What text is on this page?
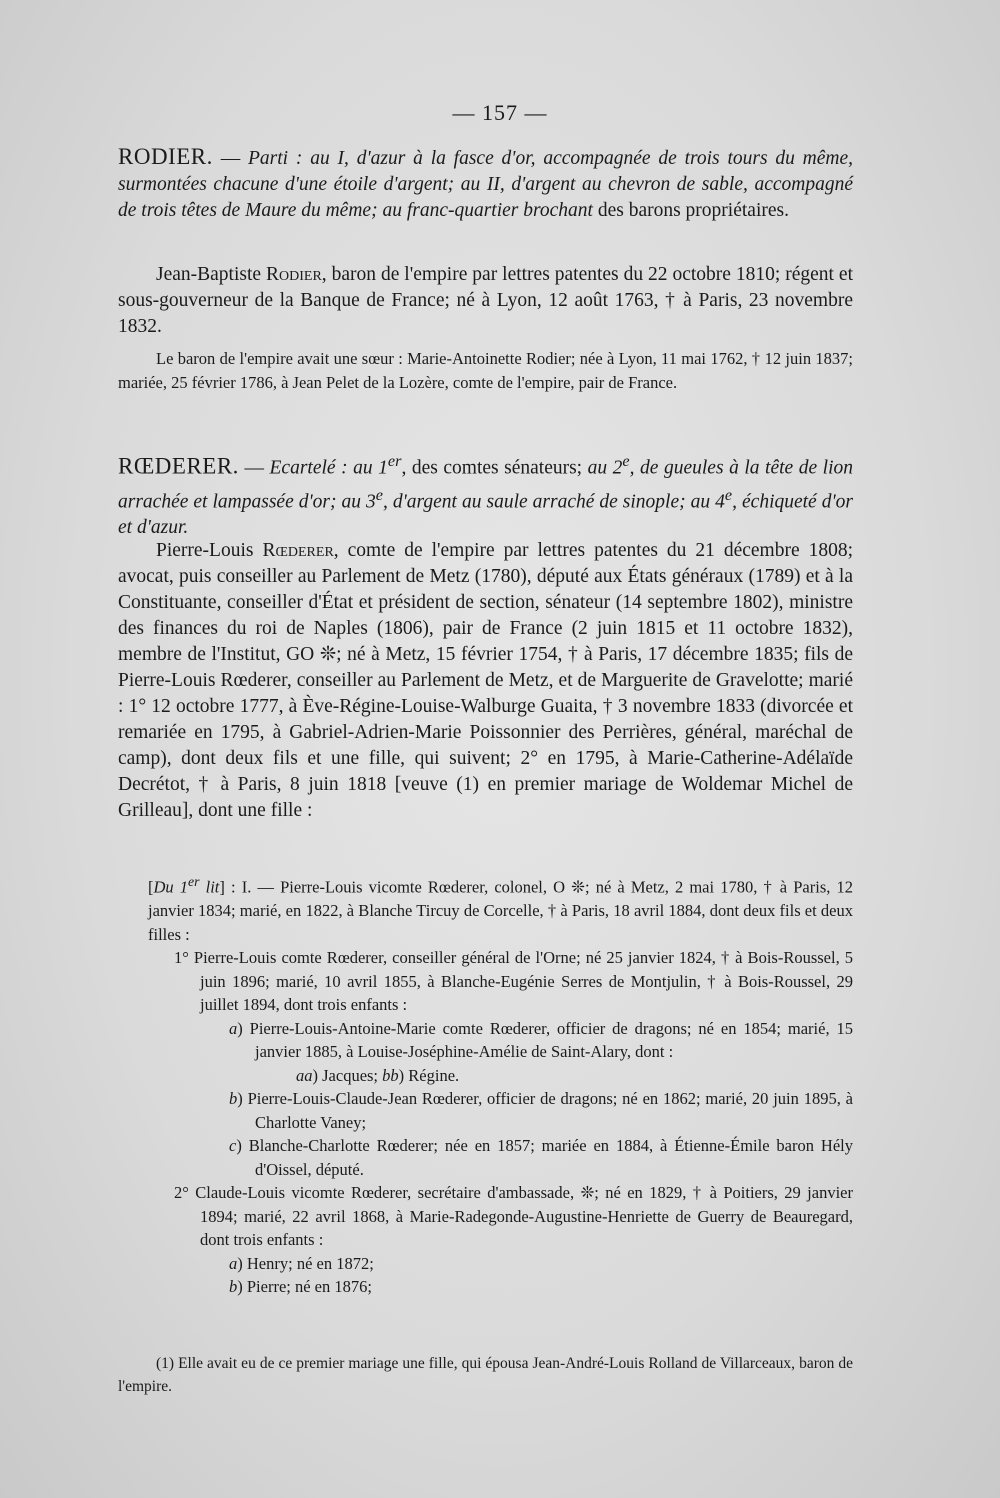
— 157 —

RODIER. — Parti : au I, d'azur à la fasce d'or, accompagnée de trois tours du même, surmontées chacune d'une étoile d'argent; au II, d'argent au chevron de sable, accompagné de trois têtes de Maure du même; au franc-quartier brochant des barons propriétaires.

Jean-Baptiste Rodier, baron de l'empire par lettres patentes du 22 octobre 1810; régent et sous-gouverneur de la Banque de France; né à Lyon, 12 août 1763, † à Paris, 23 novembre 1832.

Le baron de l'empire avait une sœur : Marie-Antoinette Rodier; née à Lyon, 11 mai 1762, † 12 juin 1837; mariée, 25 février 1786, à Jean Pelet de la Lozère, comte de l'empire, pair de France.

RŒDERER. — Ecartelé : au 1er, des comtes sénateurs; au 2e, de gueules à la tête de lion arrachée et lampassée d'or; au 3e, d'argent au saule arraché de sinople; au 4e, échiqueté d'or et d'azur.

Pierre-Louis Rœderer, comte de l'empire par lettres patentes du 21 décembre 1808; avocat, puis conseiller au Parlement de Metz (1780), député aux États généraux (1789) et à la Constituante, conseiller d'État et président de section, sénateur (14 septembre 1802), ministre des finances du roi de Naples (1806), pair de France (2 juin 1815 et 11 octobre 1832), membre de l'Institut, GO ❊; né à Metz, 15 février 1754, † à Paris, 17 décembre 1835; fils de Pierre-Louis Rœderer, conseiller au Parlement de Metz, et de Marguerite de Gravelotte; marié : 1° 12 octobre 1777, à Ève-Régine-Louise-Walburge Guaita, † 3 novembre 1833 (divorcée et remariée en 1795, à Gabriel-Adrien-Marie Poissonnier des Perrières, général, maréchal de camp), dont deux fils et une fille, qui suivent; 2° en 1795, à Marie-Catherine-Adélaïde Decrétot, † à Paris, 8 juin 1818 [veuve (1) en premier mariage de Woldemar Michel de Grilleau], dont une fille :

[Du 1er lit] : I. — Pierre-Louis vicomte Rœderer, colonel, O ❊; né à Metz, 2 mai 1780, † à Paris, 12 janvier 1834; marié, en 1822, à Blanche Tircuy de Corcelle, † à Paris, 18 avril 1884, dont deux fils et deux filles :

1° Pierre-Louis comte Rœderer, conseiller général de l'Orne; né 25 janvier 1824, † à Bois-Roussel, 5 juin 1896; marié, 10 avril 1855, à Blanche-Eugénie Serres de Montjulin, † à Bois-Roussel, 29 juillet 1894, dont trois enfants :

a) Pierre-Louis-Antoine-Marie comte Rœderer, officier de dragons; né en 1854; marié, 15 janvier 1885, à Louise-Joséphine-Amélie de Saint-Alary, dont :

aa) Jacques; bb) Régine.

b) Pierre-Louis-Claude-Jean Rœderer, officier de dragons; né en 1862; marié, 20 juin 1895, à Charlotte Vaney;

c) Blanche-Charlotte Rœderer; née en 1857; mariée en 1884, à Étienne-Émile baron Hély d'Oissel, député.

2° Claude-Louis vicomte Rœderer, secrétaire d'ambassade, ❊; né en 1829, † à Poitiers, 29 janvier 1894; marié, 22 avril 1868, à Marie-Radegonde-Augustine-Henriette de Guerry de Beauregard, dont trois enfants :

a) Henry; né en 1872;

b) Pierre; né en 1876;

(1) Elle avait eu de ce premier mariage une fille, qui épousa Jean-André-Louis Rolland de Villarceaux, baron de l'empire.
